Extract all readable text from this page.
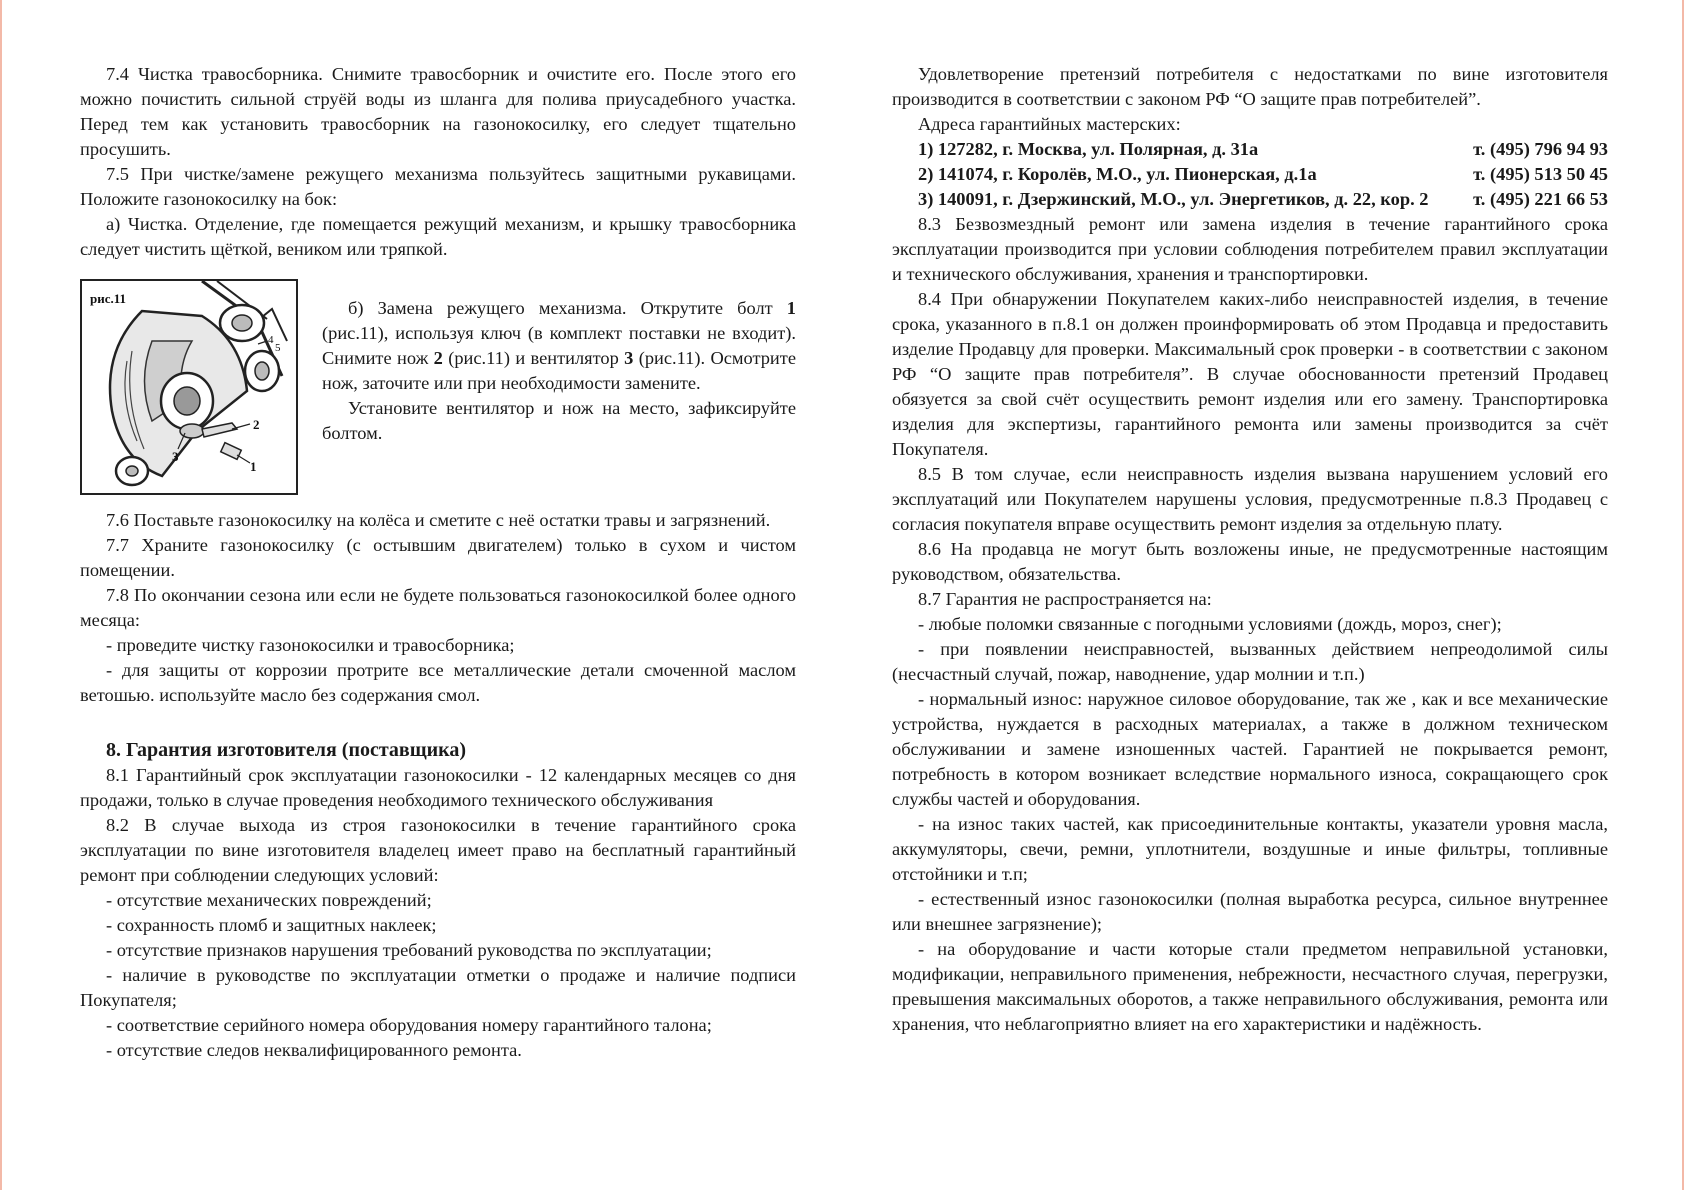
7.4 Чистка травосборника. Снимите травосборник и очистите его. После этого его можно почистить сильной струёй воды из шланга для полива приусадебного участка. Перед тем как установить травосборник на газонокосилку, его следует тщательно просушить.

7.5 При чистке/замене режущего механизма пользуйтесь защитными рукавицами. Положите газонокосилку на бок:

а) Чистка. Отделение, где помещается режущий механизм, и крышку травосборника следует чистить щёткой, веником или тряпкой.

рис.11
2
1
3
4
5

б) Замена режущего механизма. Открутите болт 1 (рис.11), используя ключ (в комплект поставки не входит). Снимите нож 2 (рис.11) и вентилятор 3 (рис.11). Осмотрите нож, заточите или при необходимости замените.

Установите вентилятор и нож на место, зафиксируйте болтом.

7.6 Поставьте газонокосилку на колёса и сметите с неё остатки травы и загрязнений.

7.7 Храните газонокосилку (с остывшим двигателем) только в сухом и чистом помещении.

7.8 По окончании сезона или если не будете пользоваться газонокосилкой более одного месяца:

- проведите чистку газонокосилки и травосборника;

- для защиты от коррозии протрите все металлические детали смоченной маслом ветошью. используйте масло без содержания смол.

8. Гарантия изготовителя (поставщика)

8.1 Гарантийный срок эксплуатации газонокосилки - 12 календарных месяцев со дня продажи, только в случае проведения необходимого технического обслуживания

8.2 В случае выхода из строя газонокосилки в течение гарантийного срока эксплуатации по вине изготовителя владелец имеет право на бесплатный гарантийный ремонт при соблюдении следующих условий:

- отсутствие механических повреждений;

- сохранность пломб и защитных наклеек;

- отсутствие признаков нарушения требований руководства по эксплуатации;

- наличие в руководстве по эксплуатации отметки о продаже и наличие подписи Покупателя;

- соответствие серийного номера оборудования номеру гарантийного талона;

- отсутствие следов неквалифицированного ремонта.

Удовлетворение претензий потребителя с недостатками по вине изготовителя производится в соответствии с законом РФ “О защите прав потребителей”.

Адреса гарантийных мастерских:

1) 127282, г. Москва, ул. Полярная, д. 31а	т. (495) 796 94 93
2) 141074, г. Королёв, М.О., ул. Пионерская, д.1а	т. (495) 513 50 45
3) 140091, г. Дзержинский, М.О., ул. Энергетиков, д. 22, кор. 2 т. (495) 221 66 53

8.3 Безвозмездный ремонт или замена изделия в течение гарантийного срока эксплуатации производится при условии соблюдения потребителем правил эксплуатации и технического обслуживания, хранения и транспортировки.

8.4 При обнаружении Покупателем каких-либо неисправностей изделия, в течение срока, указанного в п.8.1 он должен проинформировать об этом Продавца и предоставить изделие Продавцу для проверки. Максимальный срок проверки - в соответствии с законом РФ “О защите прав потребителя”. В случае обоснованности претензий Продавец обязуется за свой счёт осуществить ремонт изделия или его замену. Транспортировка изделия для экспертизы, гарантийного ремонта или замены производится за счёт Покупателя.

8.5 В том случае, если неисправность изделия вызвана нарушением условий его эксплуатаций или Покупателем нарушены условия, предусмотренные п.8.3 Продавец с согласия покупателя вправе осуществить ремонт изделия за отдельную плату.

8.6 На продавца не могут быть возложены иные, не предусмотренные настоящим руководством, обязательства.

8.7 Гарантия не распространяется на:

- любые поломки связанные с погодными условиями (дождь, мороз, снег);

- при появлении неисправностей, вызванных действием непреодолимой силы (несчастный случай, пожар, наводнение, удар молнии и т.п.)

- нормальный износ: наружное силовое оборудование, так же , как и все механические устройства, нуждается в расходных материалах, а также в должном техническом обслуживании и замене изношенных частей. Гарантией не покрывается ремонт, потребность в котором возникает вследствие нормального износа, сокращающего срок службы частей и оборудования.

- на износ таких частей, как присоединительные контакты, указатели уровня масла, аккумуляторы, свечи, ремни, уплотнители, воздушные и иные фильтры, топливные отстойники и т.п;

- естественный износ газонокосилки (полная выработка ресурса, сильное внутреннее или внешнее загрязнение);

- на оборудование и части которые стали предметом неправильной установки, модификации, неправильного применения, небрежности, несчастного случая, перегрузки, превышения максимальных оборотов, а также неправильного обслуживания, ремонта или хранения, что неблагоприятно влияет на его характеристики и надёжность.
